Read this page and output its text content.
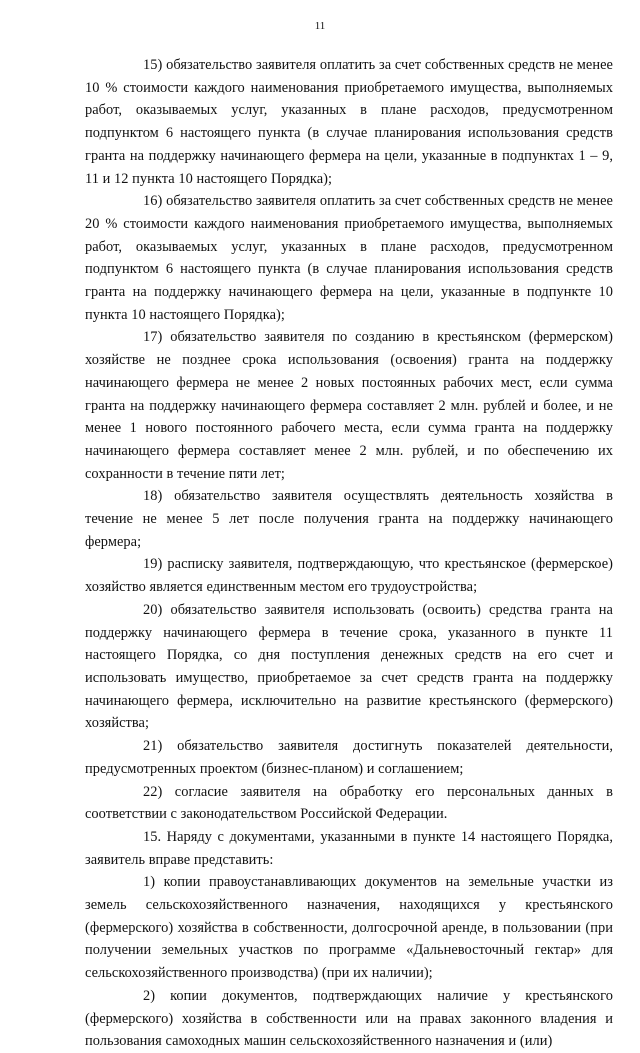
11

15) обязательство заявителя оплатить за счет собственных средств не менее 10 % стоимости каждого наименования приобретаемого имущества, выполняемых работ, оказываемых услуг, указанных в плане расходов, предусмотренном подпунктом 6 настоящего пункта (в случае планирования использования средств гранта на поддержку начинающего фермера на цели, указанные в подпунктах 1 – 9, 11 и 12 пункта 10 настоящего Порядка);

16) обязательство заявителя оплатить за счет собственных средств не менее 20 % стоимости каждого наименования приобретаемого имущества, выполняемых работ, оказываемых услуг, указанных в плане расходов, предусмотренном подпунктом 6 настоящего пункта (в случае планирования использования средств гранта на поддержку начинающего фермера на цели, указанные в подпункте 10 пункта 10 настоящего Порядка);

17) обязательство заявителя по созданию в крестьянском (фермерском) хозяйстве не позднее срока использования (освоения) гранта на поддержку начинающего фермера не менее 2 новых постоянных рабочих мест, если сумма гранта на поддержку начинающего фермера составляет 2 млн. рублей и более, и не менее 1 нового постоянного рабочего места, если сумма гранта на поддержку начинающего фермера составляет менее 2 млн. рублей, и по обеспечению их сохранности в течение пяти лет;

18) обязательство заявителя осуществлять деятельность хозяйства в течение не менее 5 лет после получения гранта на поддержку начинающего фермера;

19) расписку заявителя, подтверждающую, что крестьянское (фермерское) хозяйство является единственным местом его трудоустройства;

20) обязательство заявителя использовать (освоить) средства гранта на поддержку начинающего фермера в течение срока, указанного в пункте 11 настоящего Порядка, со дня поступления денежных средств на его счет и использовать имущество, приобретаемое за счет средств гранта на поддержку начинающего фермера, исключительно на развитие крестьянского (фермерского) хозяйства;

21) обязательство заявителя достигнуть показателей деятельности, предусмотренных проектом (бизнес-планом) и соглашением;

22) согласие заявителя на обработку его персональных данных в соответствии с законодательством Российской Федерации.

15. Наряду с документами, указанными в пункте 14 настоящего Порядка, заявитель вправе представить:

1) копии правоустанавливающих документов на земельные участки из земель сельскохозяйственного назначения, находящихся у крестьянского (фермерского) хозяйства в собственности, долгосрочной аренде, в пользовании (при получении земельных участков по программе «Дальневосточный гектар» для сельскохозяйственного производства) (при их наличии);

2) копии документов, подтверждающих наличие у крестьянского (фермерского) хозяйства в собственности или на правах законного владения и пользования самоходных машин сельскохозяйственного назначения и (или)
